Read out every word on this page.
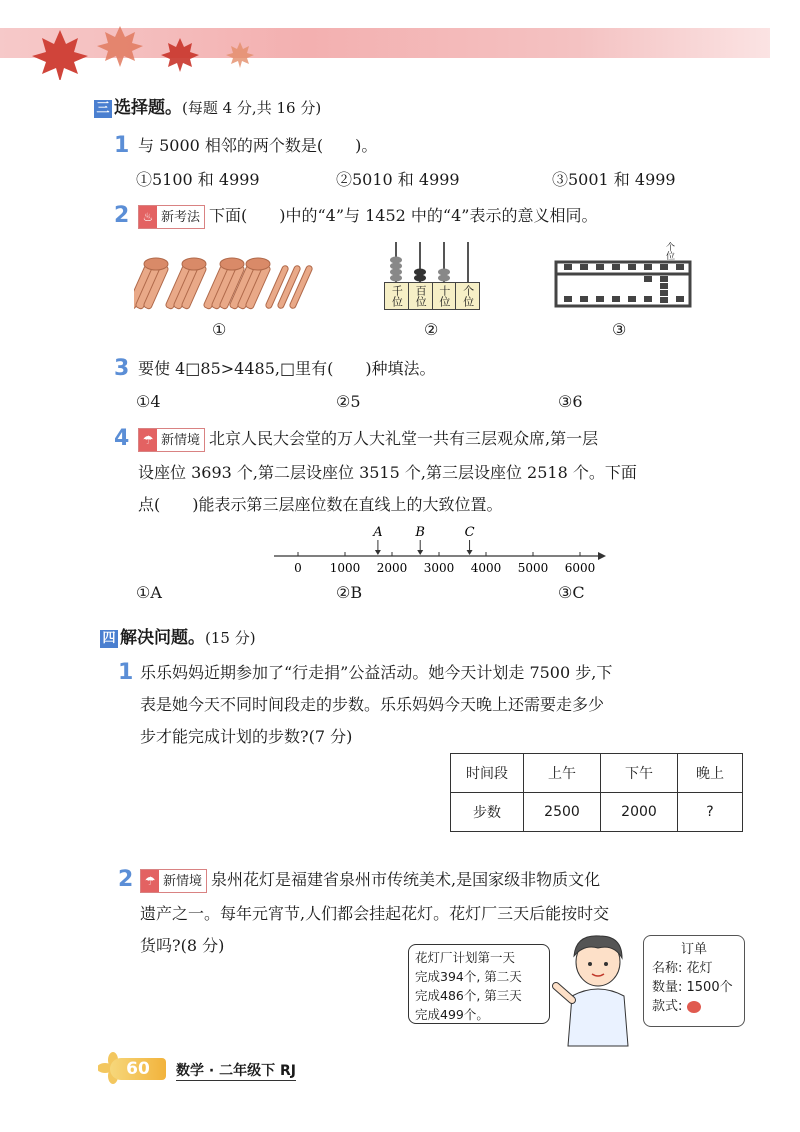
三 选择题。(每题 4 分,共 16 分)
1 与 5000 相邻的两个数是(　　)。
①5100 和 4999	②5010 和 4999	③5001 和 4999
2	♨ 新考法 下面(　　)中的“4”与 1452 中的“4”表示的意义相同。
千位 百位 十位 个位
个位
①	②	③
3 要使 4□85>4485,□里有(　　)种填法。
①4	②5	③6
4	☂ 新情境 北京人民大会堂的万人大礼堂一共有三层观众席,第一层
设座位 3693 个,第二层设座位 3515 个,第三层设座位 2518 个。下面
点(　　)能表示第三层座位数在直线上的大致位置。
0 1000 2000 3000 4000 5000 6000
A	B	C
①A	②B	③C
四 解决问题。(15 分)
1 乐乐妈妈近期参加了“行走捐”公益活动。她今天计划走 7500 步,下
表是她今天不同时间段走的步数。乐乐妈妈今天晚上还需要走多少
步才能完成计划的步数?(7 分)
时间段	上午	下午	晚上
步数	2500	2000	?
2 ☂ 新情境 泉州花灯是福建省泉州市传统美术,是国家级非物质文化
遗产之一。每年元宵节,人们都会挂起花灯。花灯厂三天后能按时交
货吗?(8 分)
花灯厂计划第一天
完成394个, 第二天
完成486个, 第三天
完成499个。
订单
名称: 花灯
数量: 1500个
款式:
60	数学 · 二年级下 RJ
